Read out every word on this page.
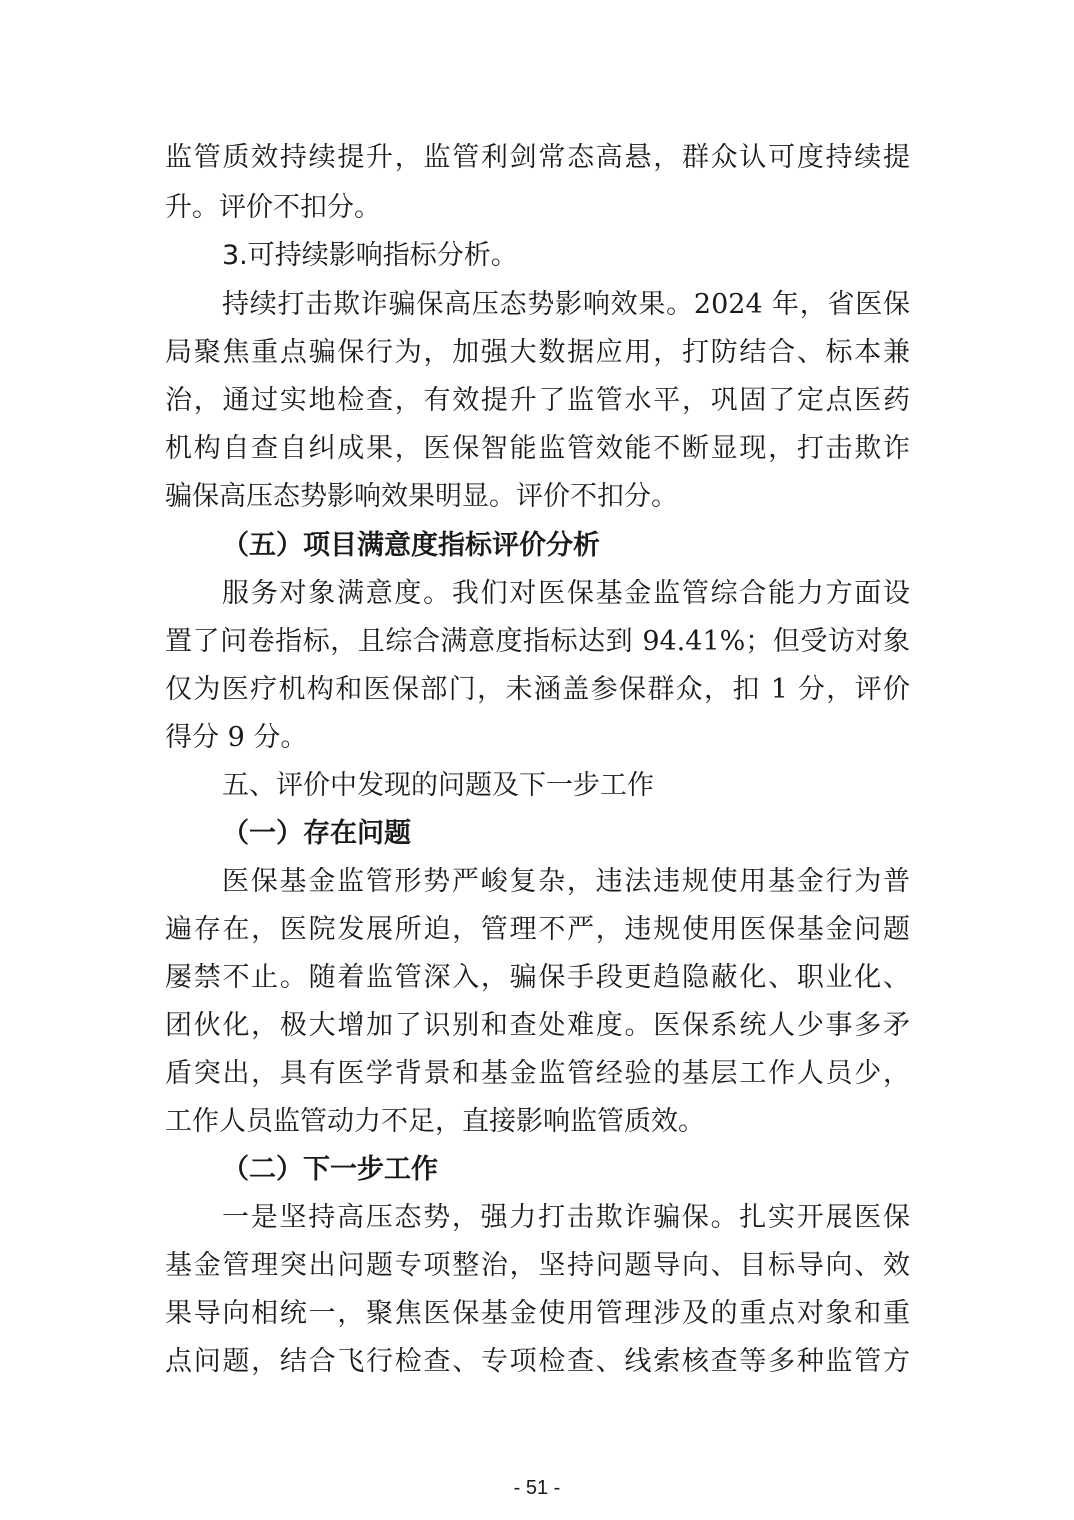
监管质效持续提升，监管利剑常态高悬，群众认可度持续提
升。评价不扣分。
3.可持续影响指标分析。
持续打击欺诈骗保高压态势影响效果。2024 年，省医保
局聚焦重点骗保行为，加强大数据应用，打防结合、标本兼
治，通过实地检查，有效提升了监管水平，巩固了定点医药
机构自查自纠成果，医保智能监管效能不断显现，打击欺诈
骗保高压态势影响效果明显。评价不扣分。
（五）项目满意度指标评价分析
服务对象满意度。我们对医保基金监管综合能力方面设
置了问卷指标，且综合满意度指标达到 94.41%；但受访对象
仅为医疗机构和医保部门，未涵盖参保群众，扣 1 分，评价
得分 9 分。
五、评价中发现的问题及下一步工作
（一）存在问题
医保基金监管形势严峻复杂，违法违规使用基金行为普
遍存在，医院发展所迫，管理不严，违规使用医保基金问题
屡禁不止。随着监管深入，骗保手段更趋隐蔽化、职业化、
团伙化，极大增加了识别和查处难度。医保系统人少事多矛
盾突出，具有医学背景和基金监管经验的基层工作人员少，
工作人员监管动力不足，直接影响监管质效。
（二）下一步工作
一是坚持高压态势，强力打击欺诈骗保。扎实开展医保
基金管理突出问题专项整治，坚持问题导向、目标导向、效
果导向相统一，聚焦医保基金使用管理涉及的重点对象和重
点问题，结合飞行检查、专项检查、线索核查等多种监管方
- 51 -
